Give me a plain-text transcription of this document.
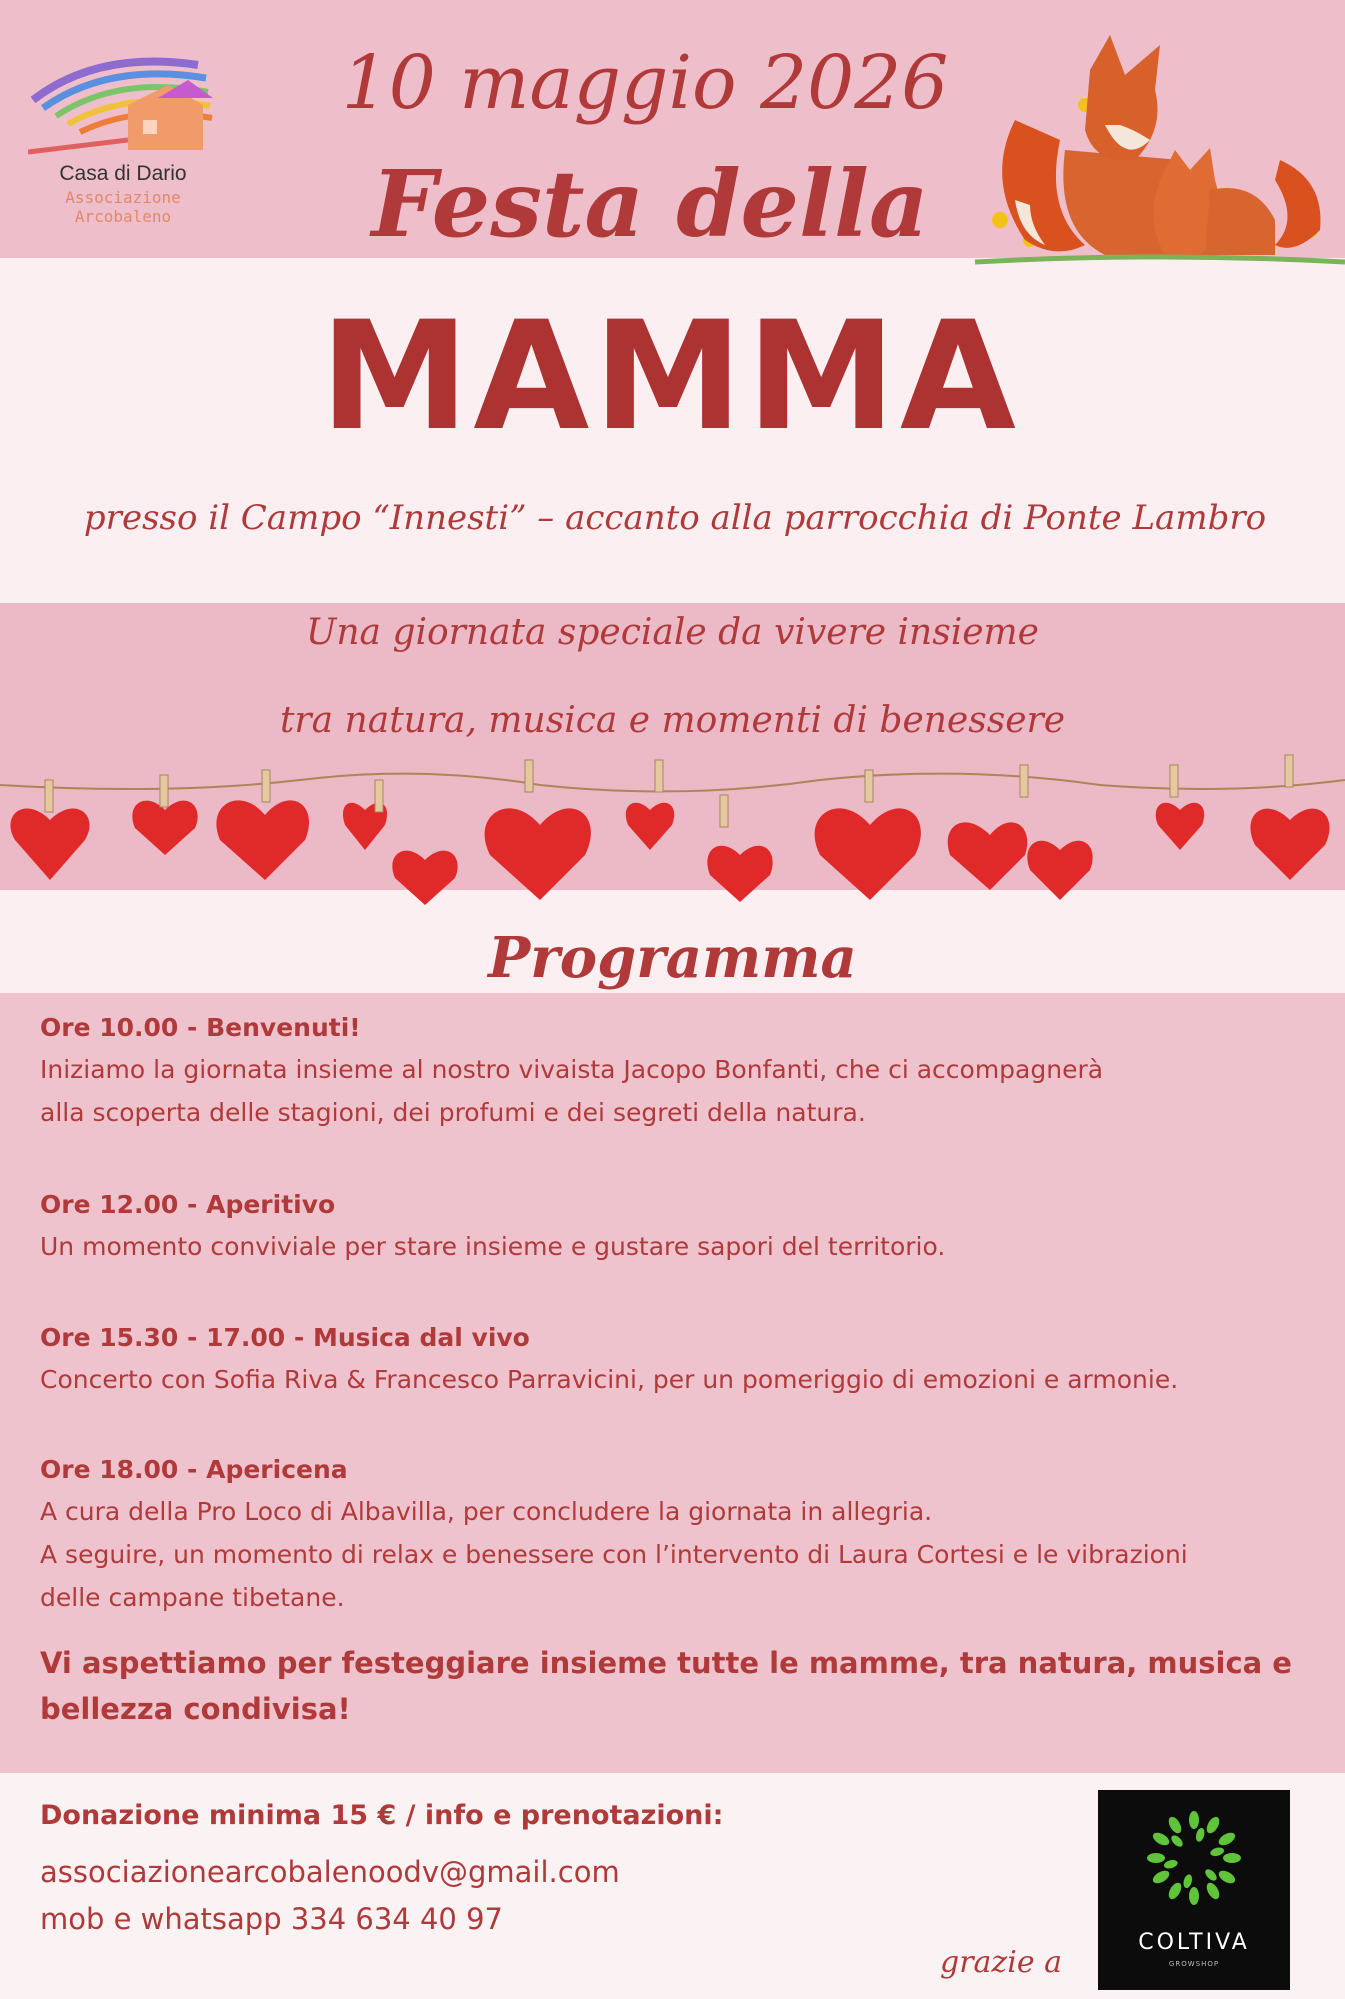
Casa di Dario
Associazione
Arcobaleno
10 maggio 2026
Festa della
MAMMA
presso il Campo “Innesti” – accanto alla parrocchia di Ponte Lambro
Una giornata speciale da vivere insieme
tra natura, musica e momenti di benessere
Programma
Ore 10.00 - Benvenuti!
Iniziamo la giornata insieme al nostro vivaista Jacopo Bonfanti, che ci accompagnerà
alla scoperta delle stagioni, dei profumi e dei segreti della natura.
Ore 12.00 - Aperitivo
Un momento conviviale per stare insieme e gustare sapori del territorio.
Ore 15.30 - 17.00 - Musica dal vivo
Concerto con Sofia Riva & Francesco Parravicini, per un pomeriggio di emozioni e armonie.
Ore 18.00 - Apericena
A cura della Pro Loco di Albavilla, per concludere la giornata in allegria.
A seguire, un momento di relax e benessere con l’intervento di Laura Cortesi e le vibrazioni
delle campane tibetane.
Vi aspettiamo per festeggiare insieme tutte le mamme, tra natura, musica e bellezza condivisa!
Donazione minima 15 € / info e prenotazioni:
associazionearcobalenoodv@gmail.com
mob e whatsapp 334 634 40 97
grazie a
COLTIVA
GROWSHOP
